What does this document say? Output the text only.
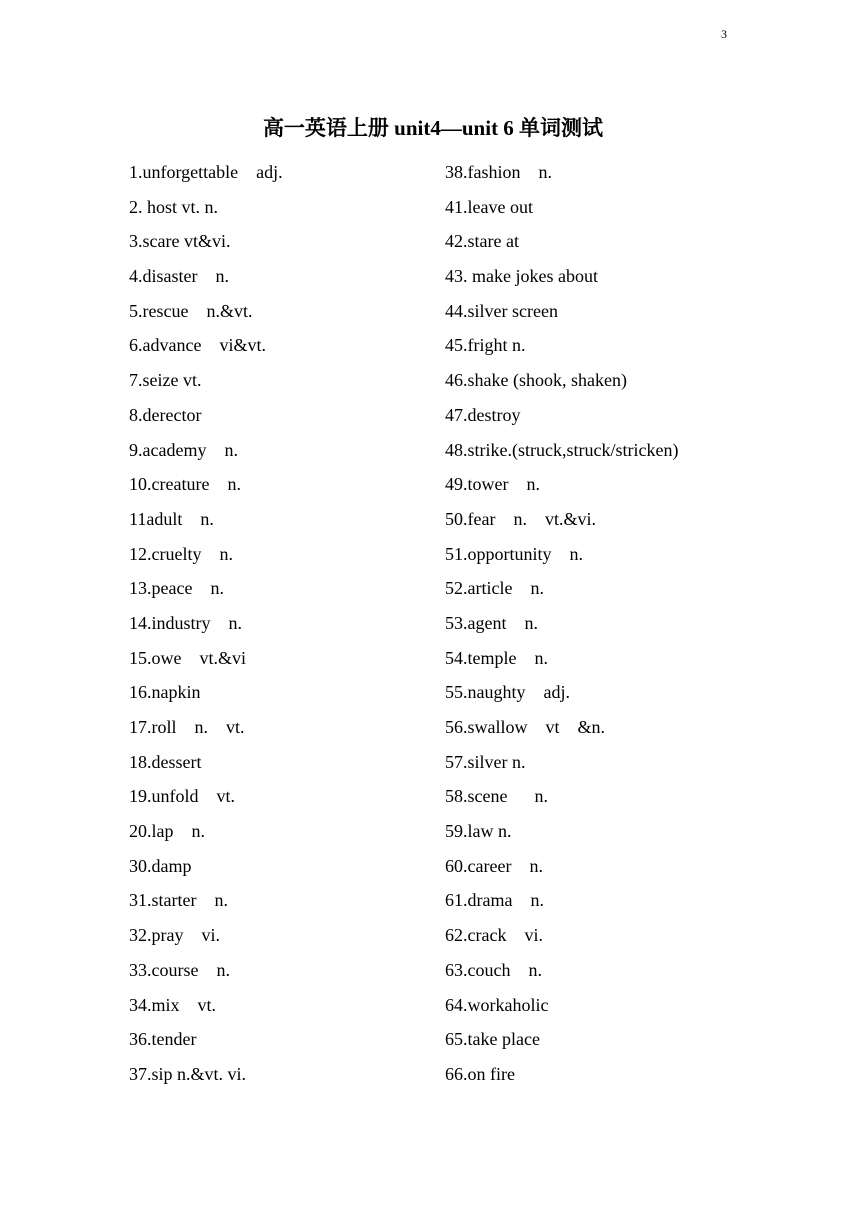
3
高一英语上册 unit4—unit 6 单词测试
1.unforgettable    adj.
2. host vt. n.
3.scare vt&vi.
4.disaster    n.
5.rescue    n.&vt.
6.advance    vi&vt.
7.seize vt.
8.derector
9.academy    n.
10.creature    n.
11adult    n.
12.cruelty    n.
13.peace    n.
14.industry    n.
15.owe    vt.&vi
16.napkin
17.roll    n.    vt.
18.dessert
19.unfold    vt.
20.lap    n.
30.damp
31.starter    n.
32.pray    vi.
33.course    n.
34.mix    vt.
36.tender
37.sip n.&vt. vi.
38.fashion    n.
41.leave out
42.stare at
43. make jokes about
44.silver screen
45.fright n.
46.shake (shook, shaken)
47.destroy
48.strike.(struck,struck/stricken)
49.tower    n.
50.fear    n.    vt.&vi.
51.opportunity    n.
52.article    n.
53.agent    n.
54.temple    n.
55.naughty    adj.
56.swallow    vt    &n.
57.silver n.
58.scene      n.
59.law n.
60.career    n.
61.drama    n.
62.crack    vi.
63.couch    n.
64.workaholic
65.take place
66.on fire
